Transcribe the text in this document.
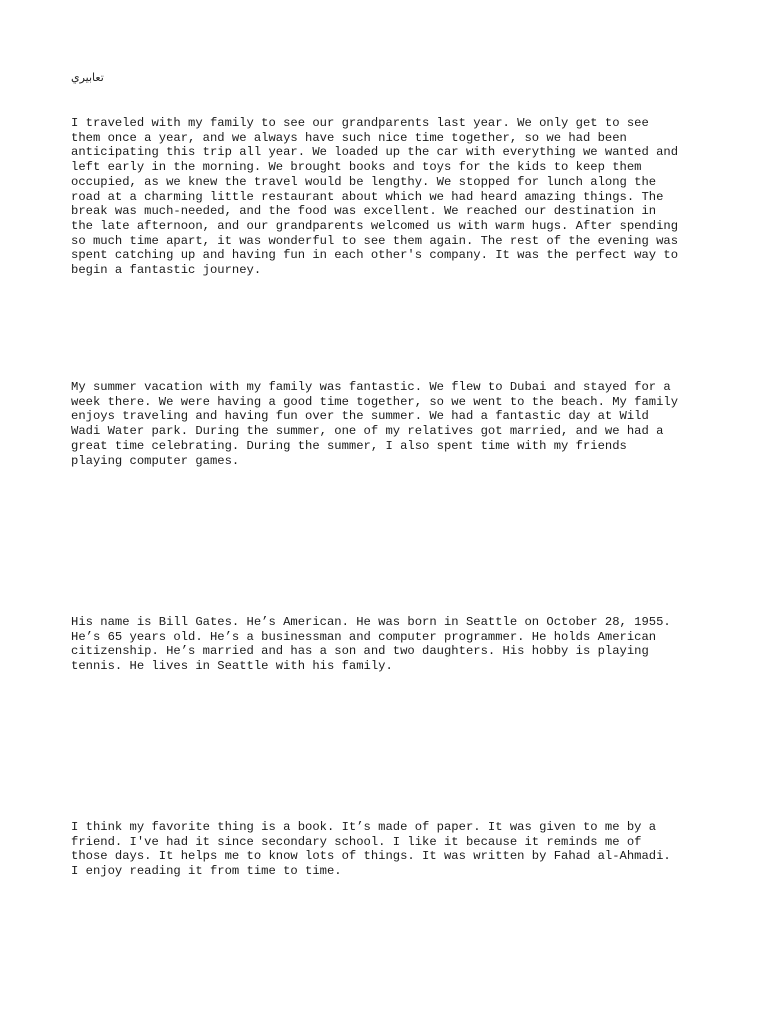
تعابيري

I traveled with my family to see our grandparents last year. We only get to see
them once a year, and we always have such nice time together, so we had been
anticipating this trip all year. We loaded up the car with everything we wanted and
left early in the morning. We brought books and toys for the kids to keep them
occupied, as we knew the travel would be lengthy. We stopped for lunch along the
road at a charming little restaurant about which we had heard amazing things. The
break was much-needed, and the food was excellent. We reached our destination in
the late afternoon, and our grandparents welcomed us with warm hugs. After spending
so much time apart, it was wonderful to see them again. The rest of the evening was
spent catching up and having fun in each other's company. It was the perfect way to
begin a fantastic journey.

My summer vacation with my family was fantastic. We flew to Dubai and stayed for a
week there. We were having a good time together, so we went to the beach. My family
enjoys traveling and having fun over the summer. We had a fantastic day at Wild
Wadi Water park. During the summer, one of my relatives got married, and we had a
great time celebrating. During the summer, I also spent time with my friends
playing computer games.

His name is Bill Gates. He’s American. He was born in Seattle on October 28, 1955.
He’s 65 years old. He’s a businessman and computer programmer. He holds American
citizenship. He’s married and has a son and two daughters. His hobby is playing
tennis. He lives in Seattle with his family.

I think my favorite thing is a book. It’s made of paper. It was given to me by a
friend. I've had it since secondary school. I like it because it reminds me of
those days. It helps me to know lots of things. It was written by Fahad al-Ahmadi.
I enjoy reading it from time to time.
